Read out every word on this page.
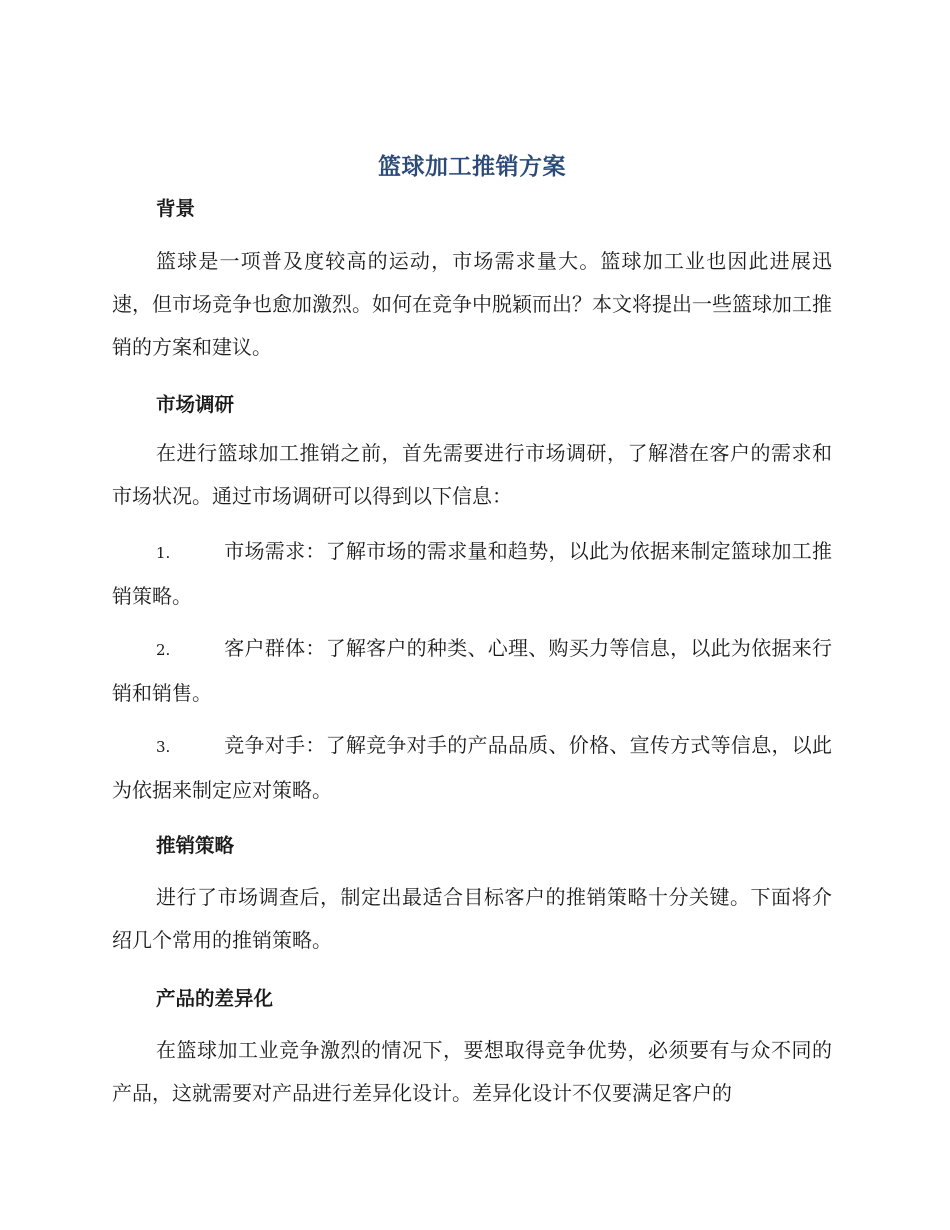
篮球加工推销方案
背景

篮球是一项普及度较高的运动，市场需求量大。篮球加工业也因此进展迅速，但市场竞争也愈加激烈。如何在竞争中脱颖而出？本文将提出一些篮球加工推销的方案和建议。

市场调研

在进行篮球加工推销之前，首先需要进行市场调研，了解潜在客户的需求和市场状况。通过市场调研可以得到以下信息：

1.	市场需求：了解市场的需求量和趋势，以此为依据来制定篮球加工推销策略。

2.	客户群体：了解客户的种类、心理、购买力等信息，以此为依据来行销和销售。

3.	竞争对手：了解竞争对手的产品品质、价格、宣传方式等信息，以此为依据来制定应对策略。

推销策略

进行了市场调查后，制定出最适合目标客户的推销策略十分关键。下面将介绍几个常用的推销策略。

产品的差异化

在篮球加工业竞争激烈的情况下，要想取得竞争优势，必须要有与众不同的产品，这就需要对产品进行差异化设计。差异化设计不仅要满足客户的
